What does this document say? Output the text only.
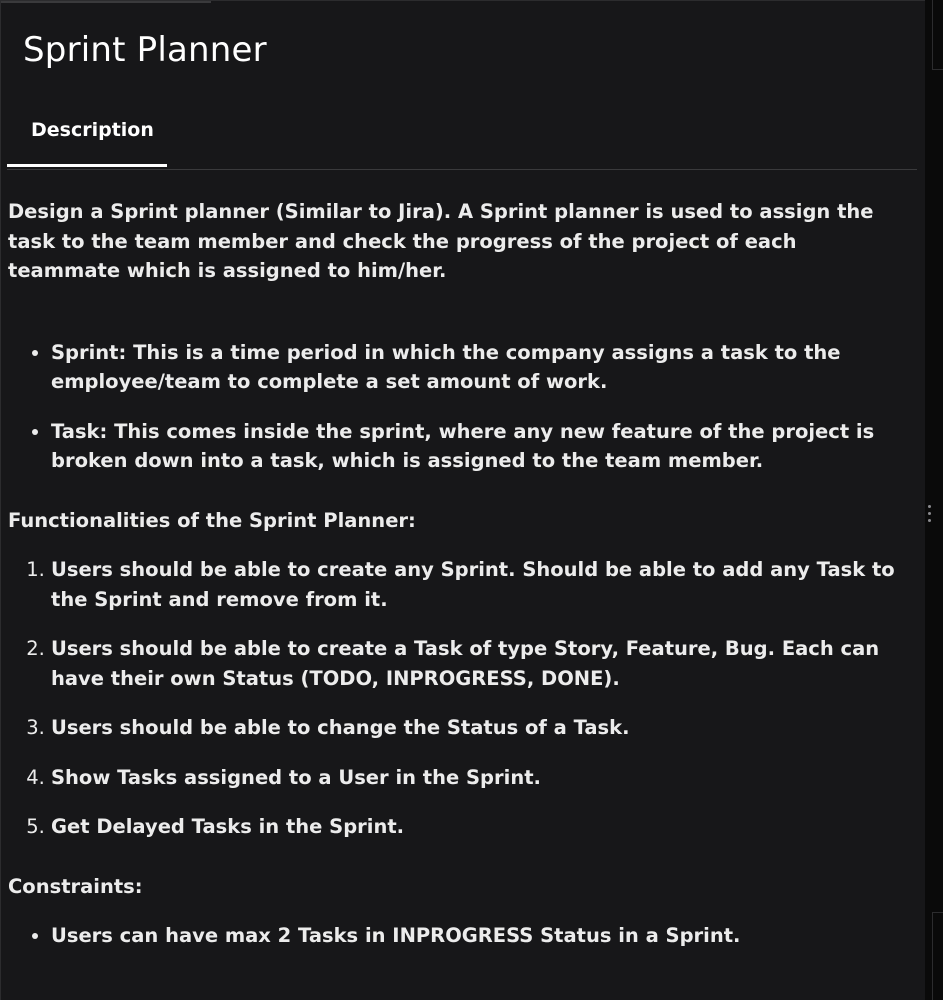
Sprint Planner
Description

Design a Sprint planner (Similar to Jira). A Sprint planner is used to assign the task to the team member and check the progress of the project of each teammate which is assigned to him/her.

• Sprint: This is a time period in which the company assigns a task to the employee/team to complete a set amount of work.
• Task: This comes inside the sprint, where any new feature of the project is broken down into a task, which is assigned to the team member.

Functionalities of the Sprint Planner:

1. Users should be able to create any Sprint. Should be able to add any Task to the Sprint and remove from it.
2. Users should be able to create a Task of type Story, Feature, Bug. Each can have their own Status (TODO, INPROGRESS, DONE).
3. Users should be able to change the Status of a Task.
4. Show Tasks assigned to a User in the Sprint.
5. Get Delayed Tasks in the Sprint.

Constraints:

• Users can have max 2 Tasks in INPROGRESS Status in a Sprint.
